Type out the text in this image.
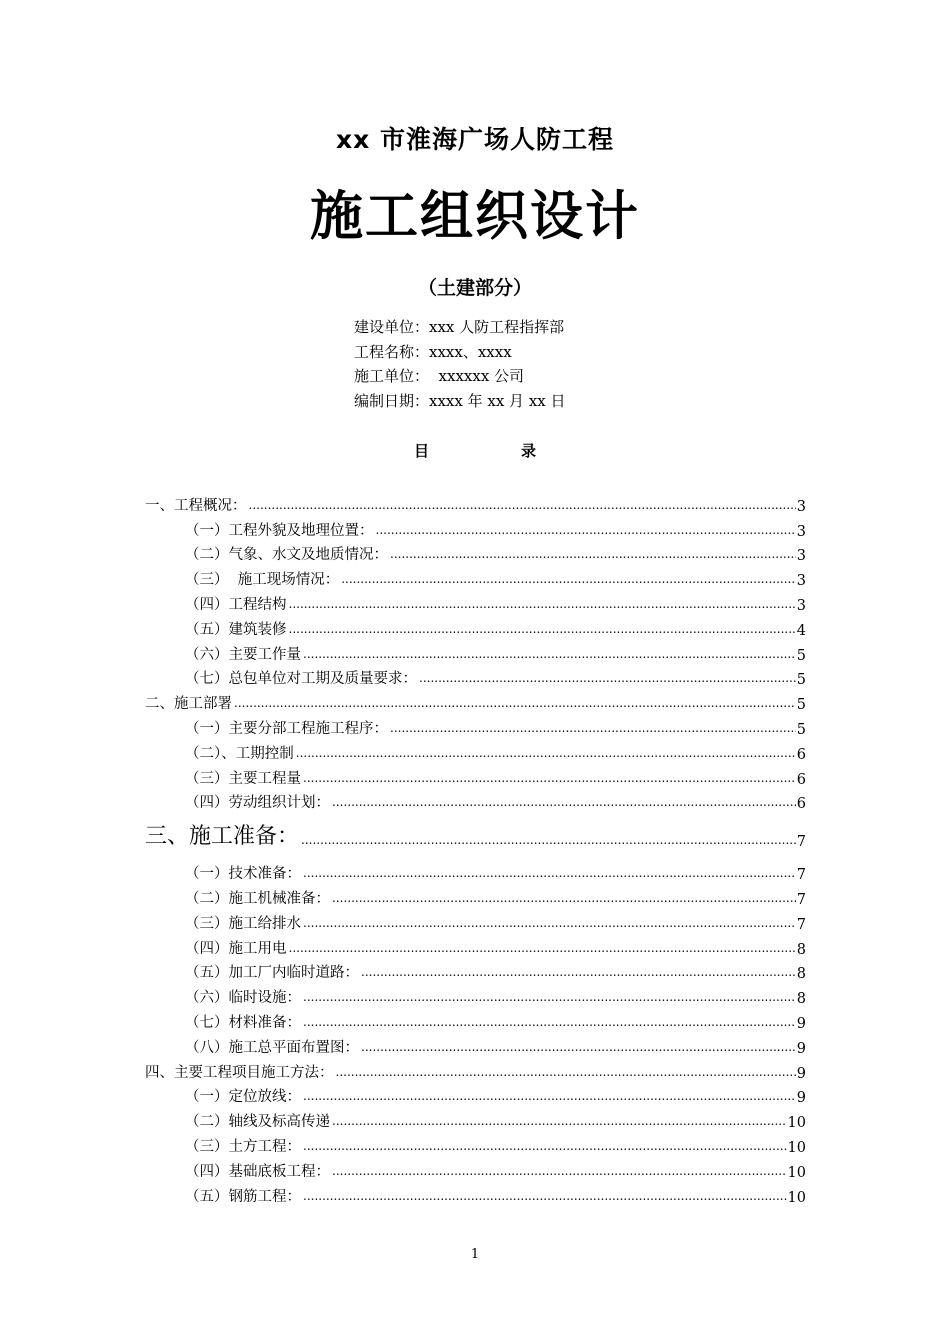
xx 市淮海广场人防工程
施工组织设计
（土建部分）
建设单位：xxx 人防工程指挥部
工程名称：xxxx、xxxx
施工单位：  xxxxxx 公司
编制日期：xxxx 年 xx 月 xx 日
目	录
一、工程概况： .....	3
（一）工程外貌及地理位置： .....	3
（二）气象、水文及地质情况： .....	3
（三）  施工现场情况： .....	3
（四）工程结构 .....	3
（五）建筑装修 .....	4
（六）主要工作量 .....	5
（七）总包单位对工期及质量要求： .....	5
二、施工部署 .....	5
（一）主要分部工程施工程序： .....	5
（二）、工期控制 .....	6
（三）主要工程量 .....	6
（四）劳动组织计划： .....	6
三、施工准备： .....	7
（一）技术准备： .....	7
（二）施工机械准备： .....	7
（三）施工给排水 .....	7
（四）施工用电 .....	8
（五）加工厂内临时道路： .....	8
（六）临时设施： .....	8
（七）材料准备： .....	9
（八）施工总平面布置图： .....	9
四、主要工程项目施工方法： .....	9
（一）定位放线： .....	9
（二）轴线及标高传递 .....	10
（三）土方工程： .....	10
（四）基础底板工程： .....	10
（五）钢筋工程： .....	10
1
